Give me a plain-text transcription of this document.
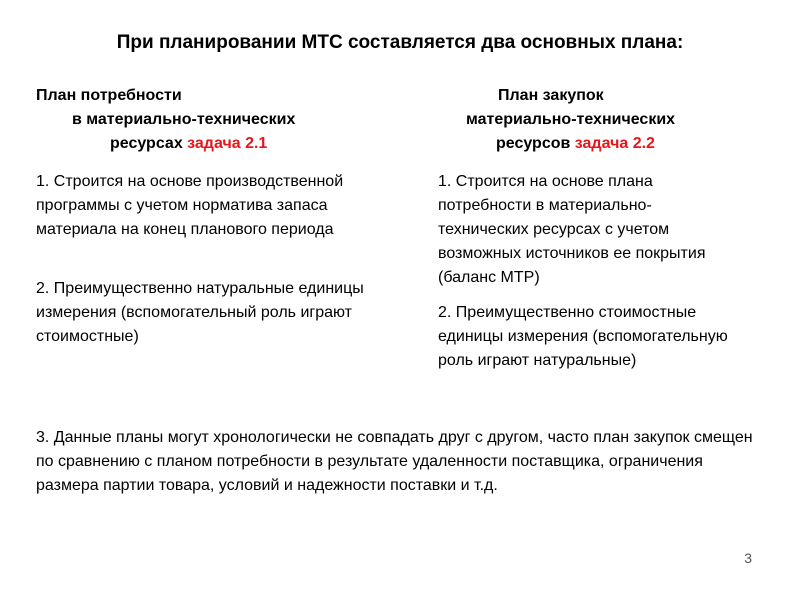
При планировании МТС составляется два основных плана:
План потребности
в материально-технических
ресурсах задача 2.1
План закупок
материально-технических
ресурсов задача 2.2
1. Строится на основе производственной программы с учетом норматива запаса материала на конец планового периода
2. Преимущественно натуральные единицы измерения (вспомогательный роль играют стоимостные)
1. Строится на основе плана потребности в материально-технических ресурсах с учетом возможных источников ее покрытия (баланс МТР)
2. Преимущественно стоимостные единицы измерения (вспомогательную роль играют натуральные)
3. Данные планы могут хронологически не совпадать друг с другом, часто план закупок смещен по сравнению с планом потребности в результате удаленности поставщика, ограничения размера партии товара, условий и надежности поставки и т.д.
3
